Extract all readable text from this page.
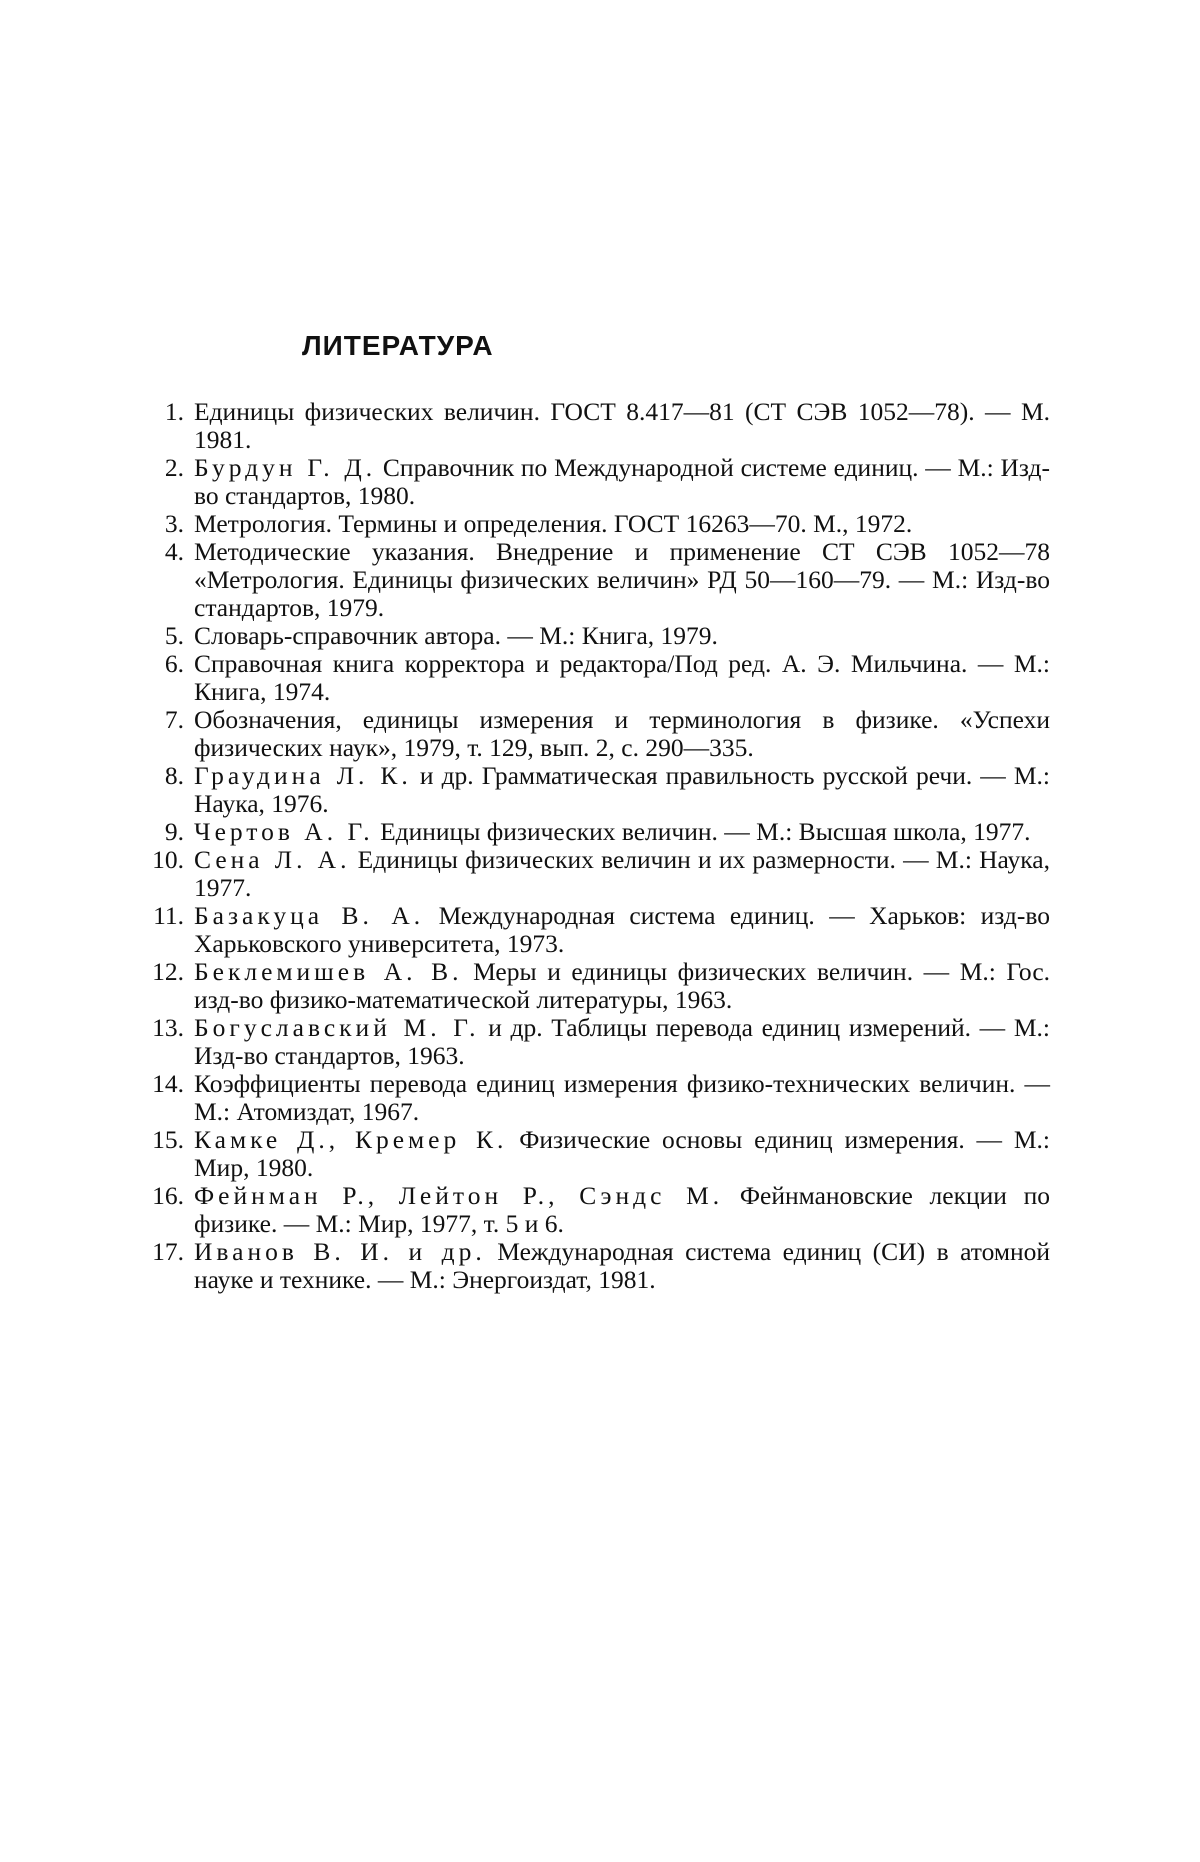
ЛИТЕРАТУРА
1. Единицы физических величин. ГОСТ 8.417—81 (СТ СЭВ 1052—78). — М. 1981.
2. Бурдун Г. Д. Справочник по Международной системе единиц. — М.: Изд-во стандартов, 1980.
3. Метрология. Термины и определения. ГОСТ 16263—70. М., 1972.
4. Методические указания. Внедрение и применение СТ СЭВ 1052—78 «Метрология. Единицы физических величин» РД 50—160—79. — М.: Изд-во стандартов, 1979.
5. Словарь-справочник автора. — М.: Книга, 1979.
6. Справочная книга корректора и редактора/Под ред. А. Э. Мильчина. — М.: Книга, 1974.
7. Обозначения, единицы измерения и терминология в физике. «Успехи физических наук», 1979, т. 129, вып. 2, с. 290—335.
8. Граудина Л. К. и др. Грамматическая правильность русской речи. — М.: Наука, 1976.
9. Чертов А. Г. Единицы физических величин. — М.: Высшая школа, 1977.
10. Сена Л. А. Единицы физических величин и их размерности. — М.: Наука, 1977.
11. Базакуца В. А. Международная система единиц. — Харьков: изд-во Харьковского университета, 1973.
12. Беклемишев А. В. Меры и единицы физических величин. — М.: Гос. изд-во физико-математической литературы, 1963.
13. Богуславский М. Г. и др. Таблицы перевода единиц измерений. — М.: Изд-во стандартов, 1963.
14. Коэффициенты перевода единиц измерения физико-технических величин. — М.: Атомиздат, 1967.
15. Камке Д., Кремер К. Физические основы единиц измерения. — М.: Мир, 1980.
16. Фейнман Р., Лейтон Р., Сэндс М. Фейнмановские лекции по физике. — М.: Мир, 1977, т. 5 и 6.
17. Иванов В. И. и др. Международная система единиц (СИ) в атомной науке и технике. — М.: Энергоиздат, 1981.
